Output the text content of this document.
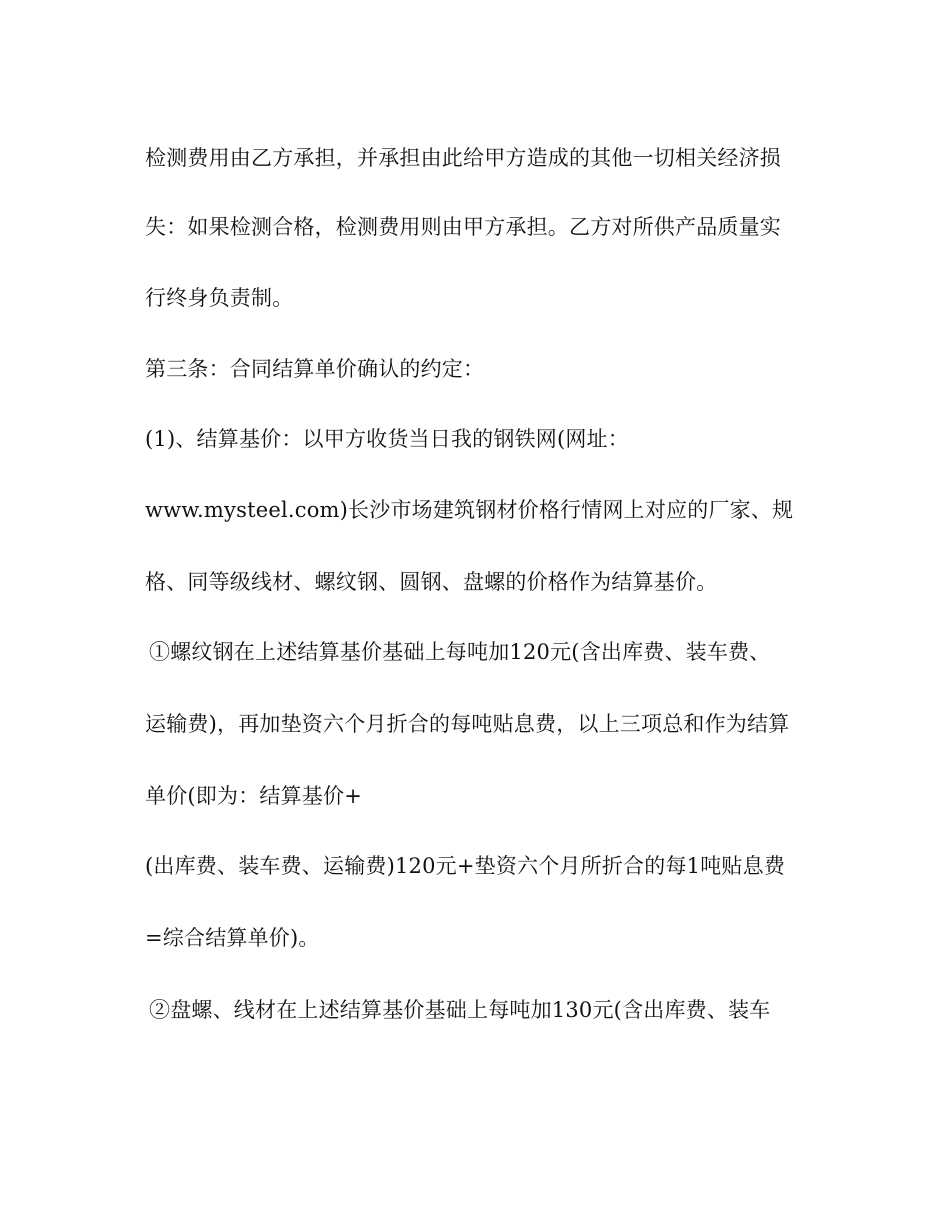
检测费用由乙方承担，并承担由此给甲方造成的其他一切相关经济损
失：如果检测合格，检测费用则由甲方承担。乙方对所供产品质量实
行终身负责制。
第三条：合同结算单价确认的约定：
(1)、结算基价：以甲方收货当日我的钢铁网(网址：
www.mysteel.com)长沙市场建筑钢材价格行情网上对应的厂家、规
格、同等级线材、螺纹钢、圆钢、盘螺的价格作为结算基价。
①螺纹钢在上述结算基价基础上每吨加120元(含出库费、装车费、
运输费)，再加垫资六个月折合的每吨贴息费，以上三项总和作为结算
单价(即为：结算基价+
(出库费、装车费、运输费)120元+垫资六个月所折合的每1吨贴息费
=综合结算单价)。
②盘螺、线材在上述结算基价基础上每吨加130元(含出库费、装车
